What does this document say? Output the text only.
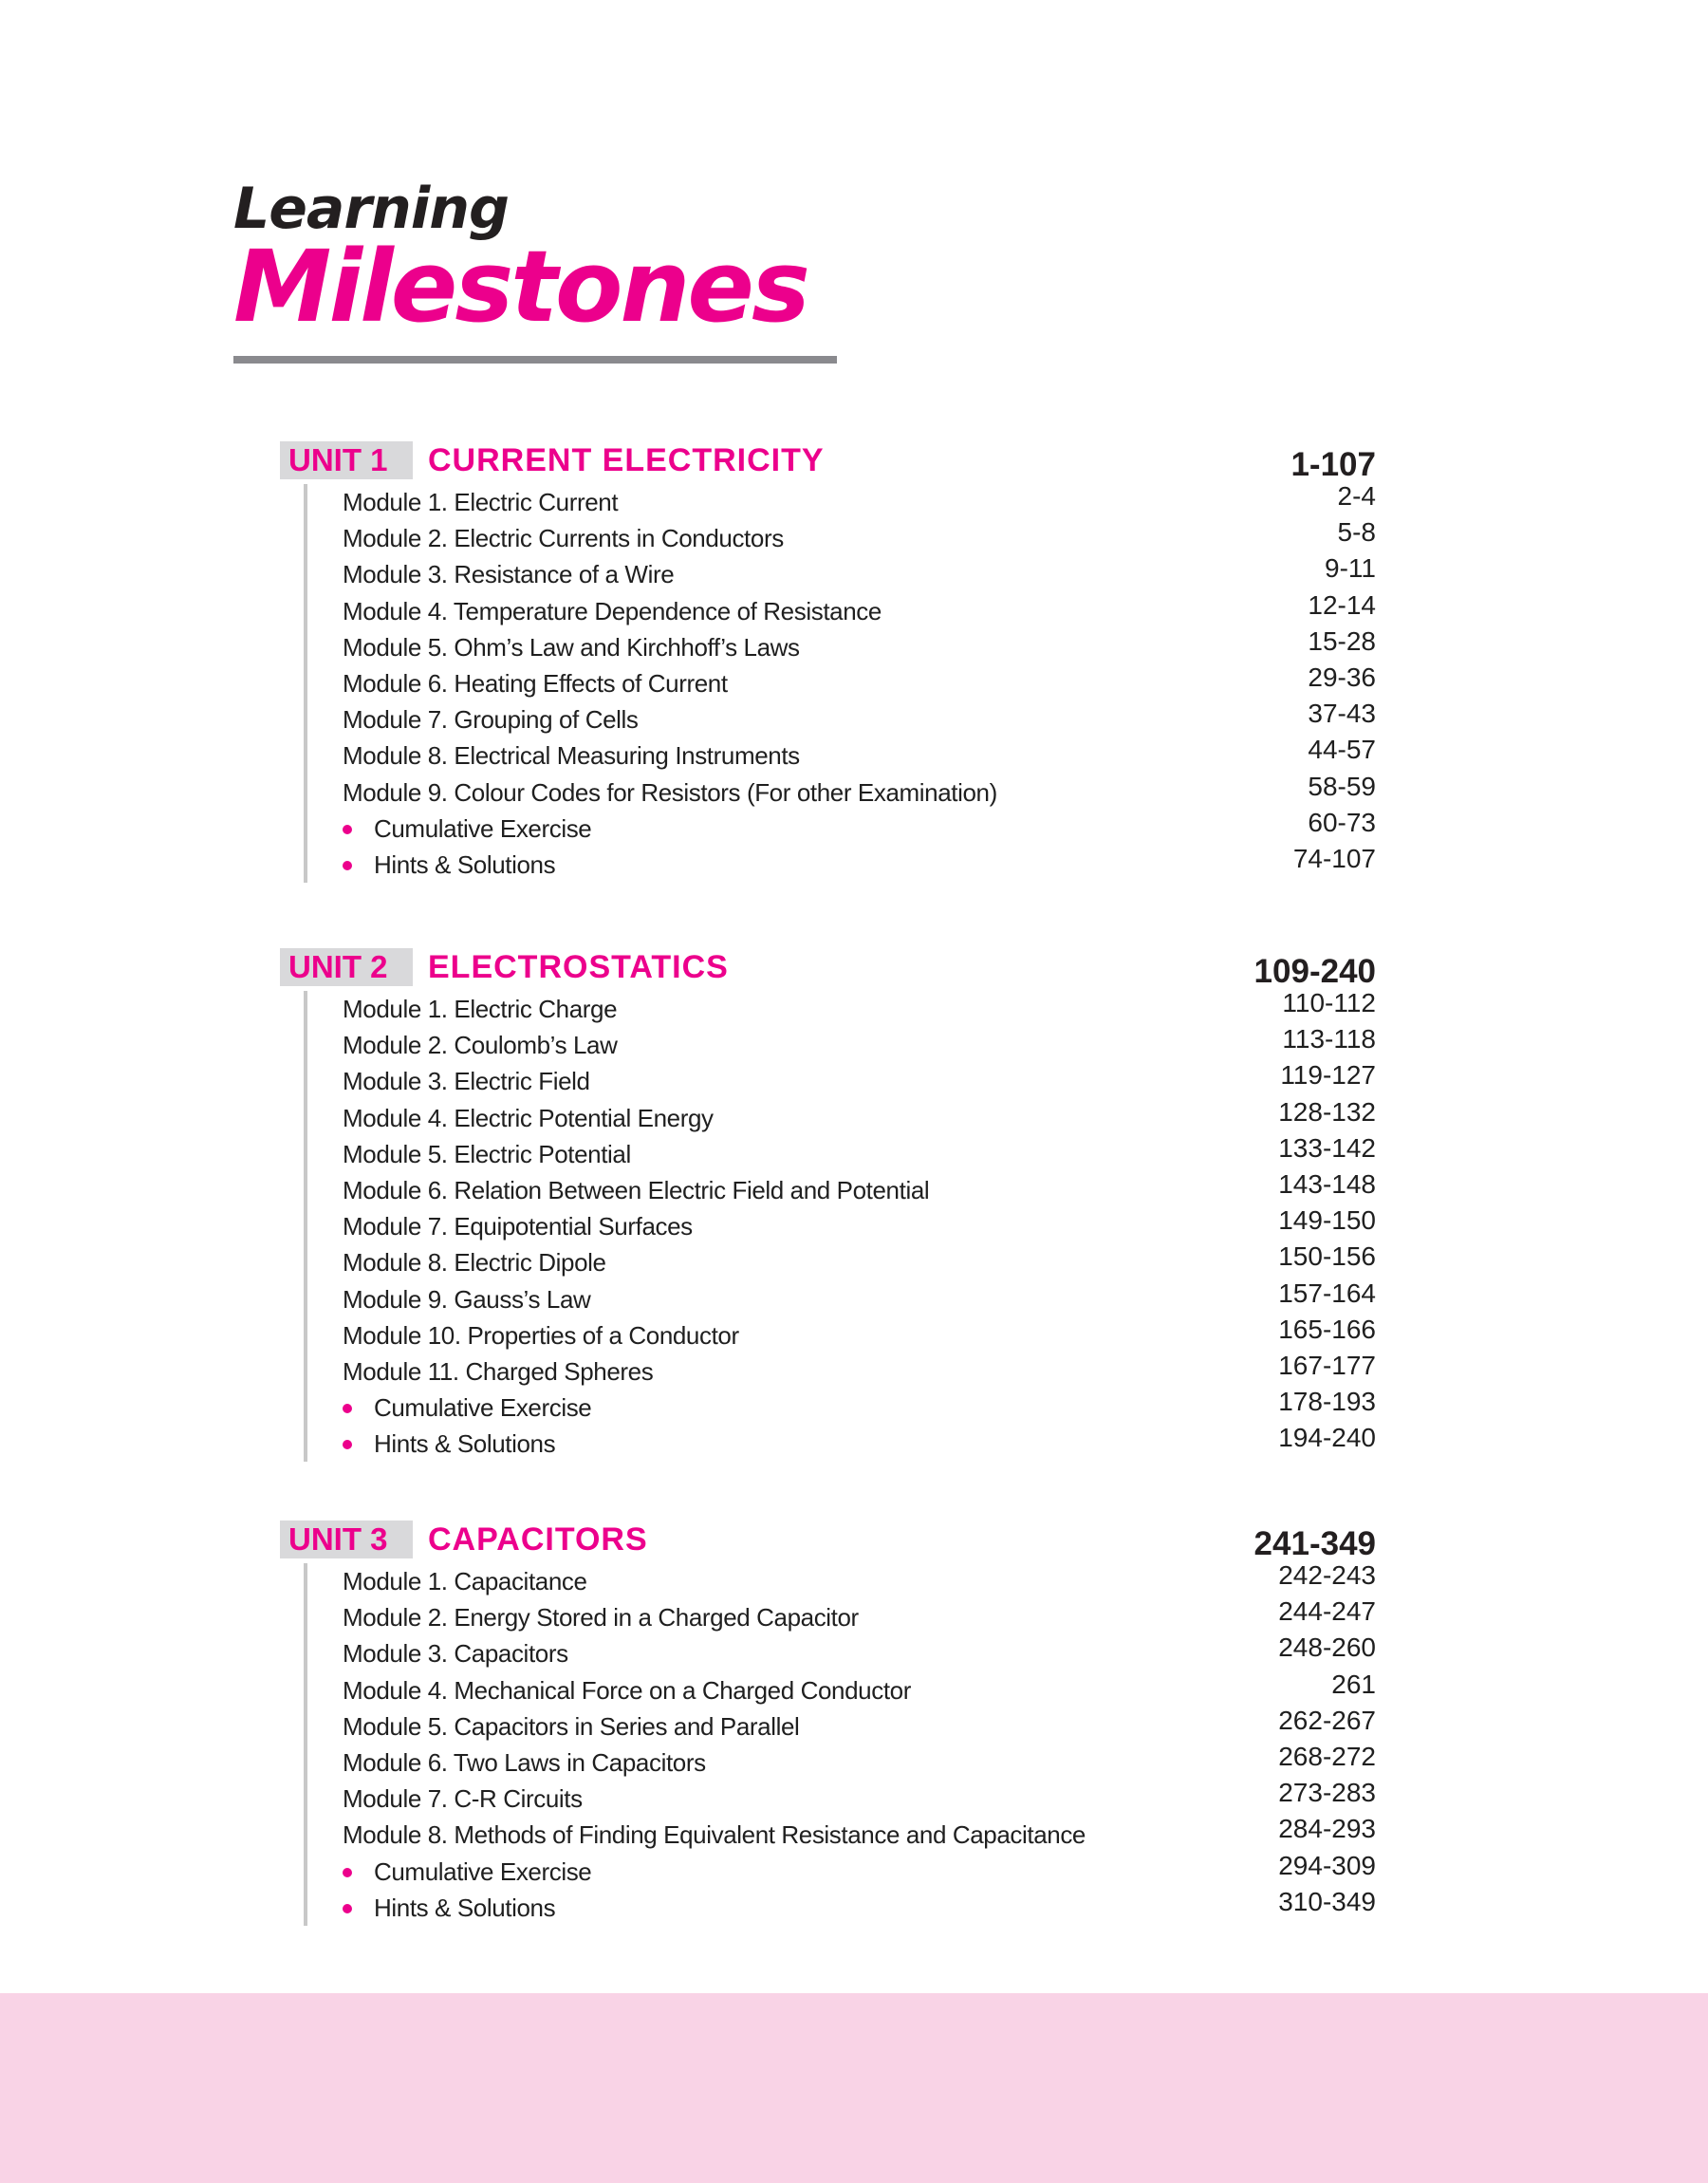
Learning
Milestones
UNIT 1	CURRENT ELECTRICITY	1-107
Module 1. Electric Current	2-4
Module 2. Electric Currents in Conductors	5-8
Module 3. Resistance of a Wire	9-11
Module 4. Temperature Dependence of Resistance	12-14
Module 5. Ohm’s Law and Kirchhoff’s Laws	15-28
Module 6. Heating Effects of Current	29-36
Module 7. Grouping of Cells	37-43
Module 8. Electrical Measuring Instruments	44-57
Module 9. Colour Codes for Resistors (For other Examination)	58-59
Cumulative Exercise	60-73
Hints & Solutions	74-107
UNIT 2	ELECTROSTATICS	109-240
Module 1. Electric Charge	110-112
Module 2. Coulomb’s Law	113-118
Module 3. Electric Field	119-127
Module 4. Electric Potential Energy	128-132
Module 5. Electric Potential	133-142
Module 6. Relation Between Electric Field and Potential	143-148
Module 7. Equipotential Surfaces	149-150
Module 8. Electric Dipole	150-156
Module 9. Gauss’s Law	157-164
Module 10. Properties of a Conductor	165-166
Module 11. Charged Spheres	167-177
Cumulative Exercise	178-193
Hints & Solutions	194-240
UNIT 3	CAPACITORS	241-349
Module 1. Capacitance	242-243
Module 2. Energy Stored in a Charged Capacitor	244-247
Module 3. Capacitors	248-260
Module 4. Mechanical Force on a Charged Conductor	261
Module 5. Capacitors in Series and Parallel	262-267
Module 6. Two Laws in Capacitors	268-272
Module 7. C-R Circuits	273-283
Module 8. Methods of Finding Equivalent Resistance and Capacitance	284-293
Cumulative Exercise	294-309
Hints & Solutions	310-349
